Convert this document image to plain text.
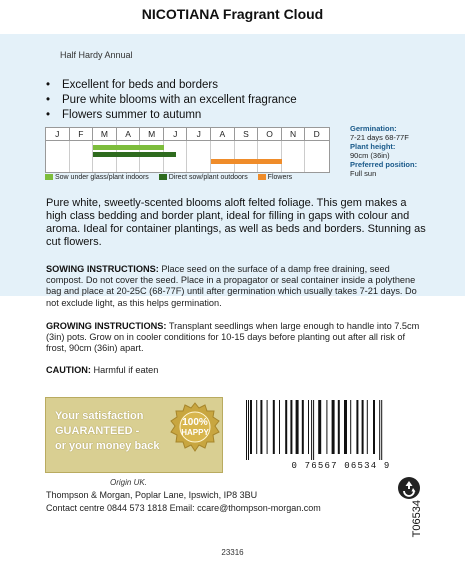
NICOTIANA Fragrant Cloud
Half Hardy Annual
• Excellent for beds and borders
• Pure white blooms with an excellent fragrance
• Flowers summer to autumn
J	F	M	A	M	J	J	A	S	O	N	D
Sow under glass/plant indoors	Direct sow/plant outdoors	Flowers
Germination:
7-21 days 68-77F
Plant height:
90cm (36in)
Preferred position:
Full sun

Pure white, sweetly-scented blooms aloft felted foliage. This gem makes a high class bedding and border plant, ideal for filling in gaps with colour and aroma. Ideal for container plantings, as well as beds and borders. Stunning as cut flowers.

SOWING INSTRUCTIONS: Place seed on the surface of a damp free draining, seed compost. Do not cover the seed. Place in a propagator or seal container inside a polythene bag and place at 20-25C (68-77F) until after germination which usually takes 7-21 days. Do not exclude light, as this helps germination.

GROWING INSTRUCTIONS: Transplant seedlings when large enough to handle into 7.5cm (3in) pots. Grow on in cooler conditions for 10-15 days before planting out after all risk of frost, 90cm (36in) apart.

CAUTION: Harmful if eaten

Your satisfaction
GUARANTEED -
or your money back
100%
HAPPY
0 76567 06534 9
Origin UK.
Thompson & Morgan, Poplar Lane, Ipswich, IP8 3BU
Contact centre 0844 573 1818 Email: ccare@thompson-morgan.com	T06534
23316
